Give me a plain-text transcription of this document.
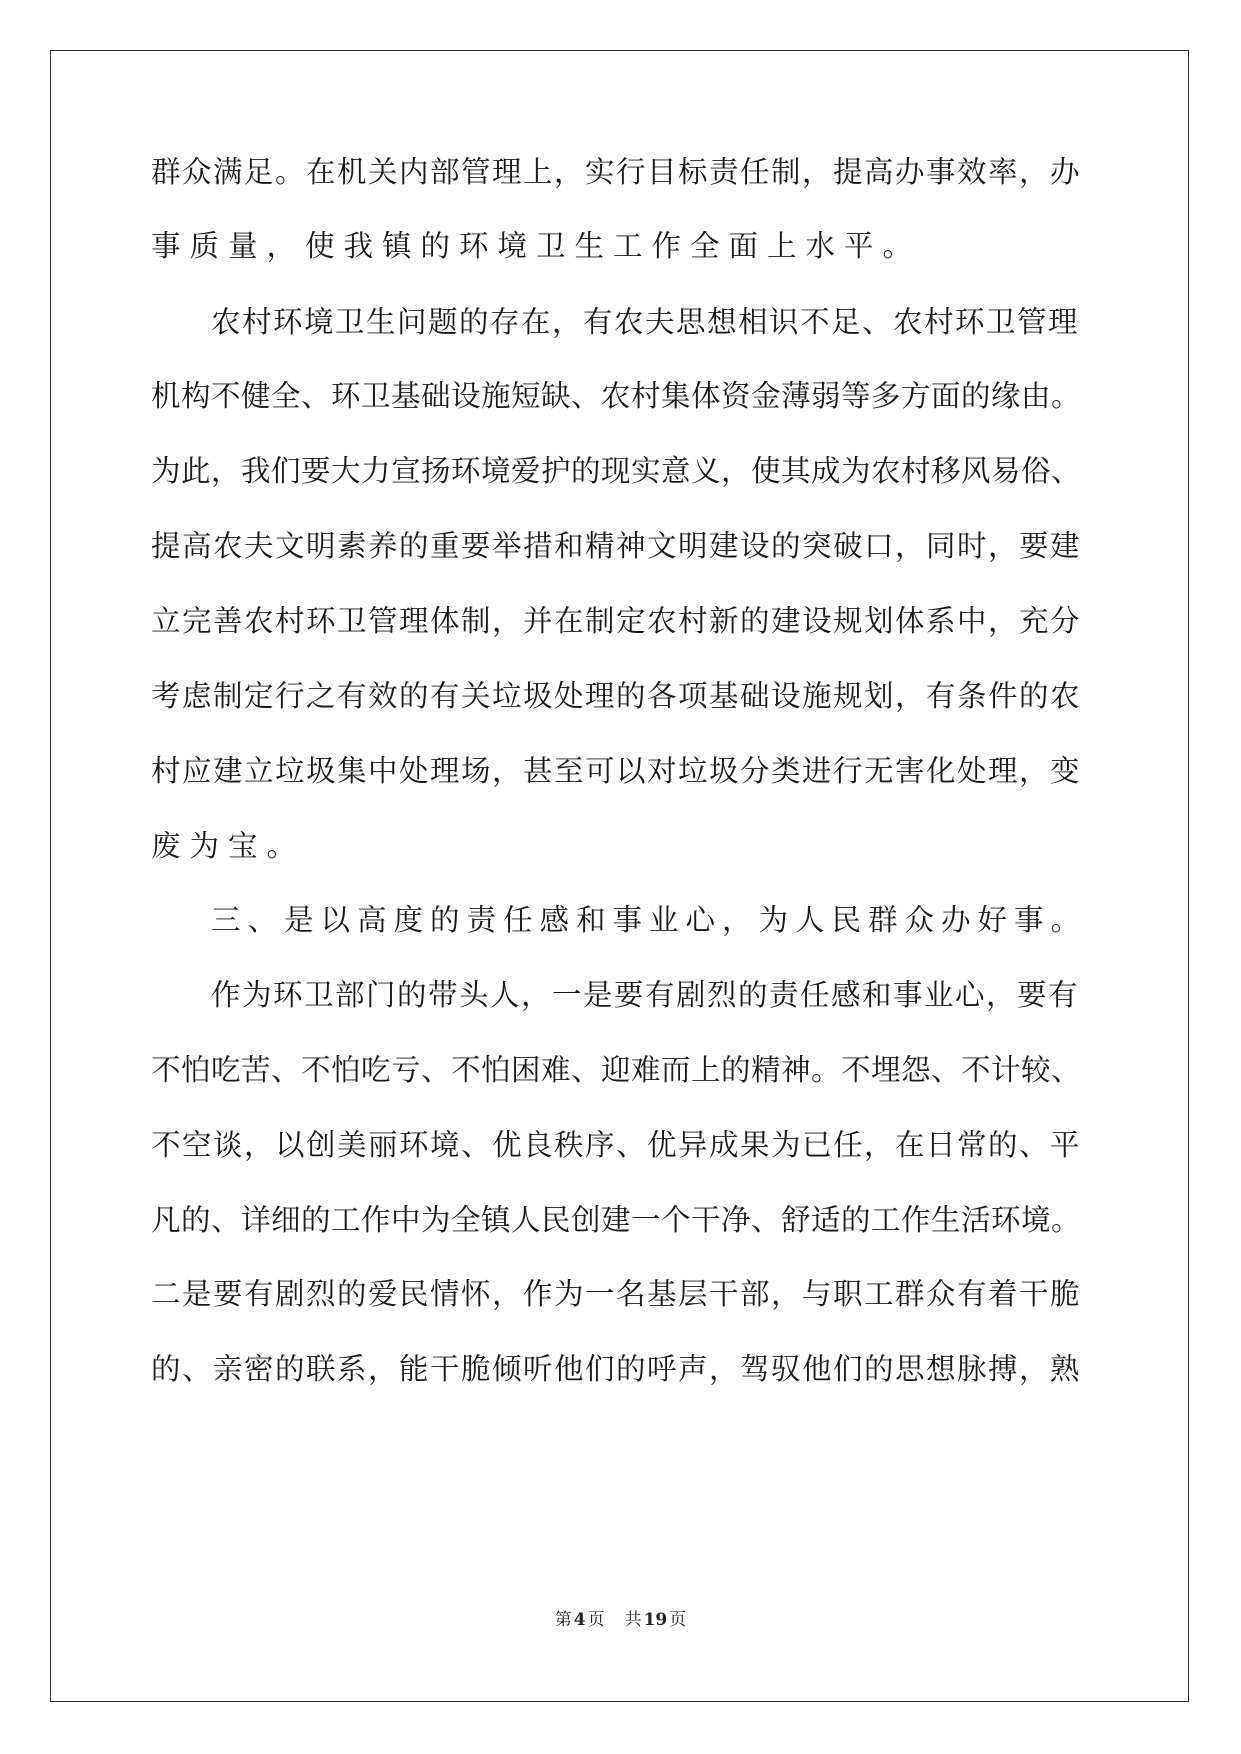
群众满足。在机关内部管理上，实行目标责任制，提高办事效率，办
事质量，使我镇的环境卫生工作全面上水平。
农村环境卫生问题的存在，有农夫思想相识不足、农村环卫管理
机构不健全、环卫基础设施短缺、农村集体资金薄弱等多方面的缘由。
为此，我们要大力宣扬环境爱护的现实意义，使其成为农村移风易俗、
提高农夫文明素养的重要举措和精神文明建设的突破口，同时，要建
立完善农村环卫管理体制，并在制定农村新的建设规划体系中，充分
考虑制定行之有效的有关垃圾处理的各项基础设施规划，有条件的农
村应建立垃圾集中处理场，甚至可以对垃圾分类进行无害化处理，变
废为宝。
三、是以高度的责任感和事业心，为人民群众办好事。
作为环卫部门的带头人，一是要有剧烈的责任感和事业心，要有
不怕吃苦、不怕吃亏、不怕困难、迎难而上的精神。不埋怨、不计较、
不空谈，以创美丽环境、优良秩序、优异成果为已任，在日常的、平
凡的、详细的工作中为全镇人民创建一个干净、舒适的工作生活环境。
二是要有剧烈的爱民情怀，作为一名基层干部，与职工群众有着干脆
的、亲密的联系，能干脆倾听他们的呼声，驾驭他们的思想脉搏，熟
第 4 页 共 19 页
